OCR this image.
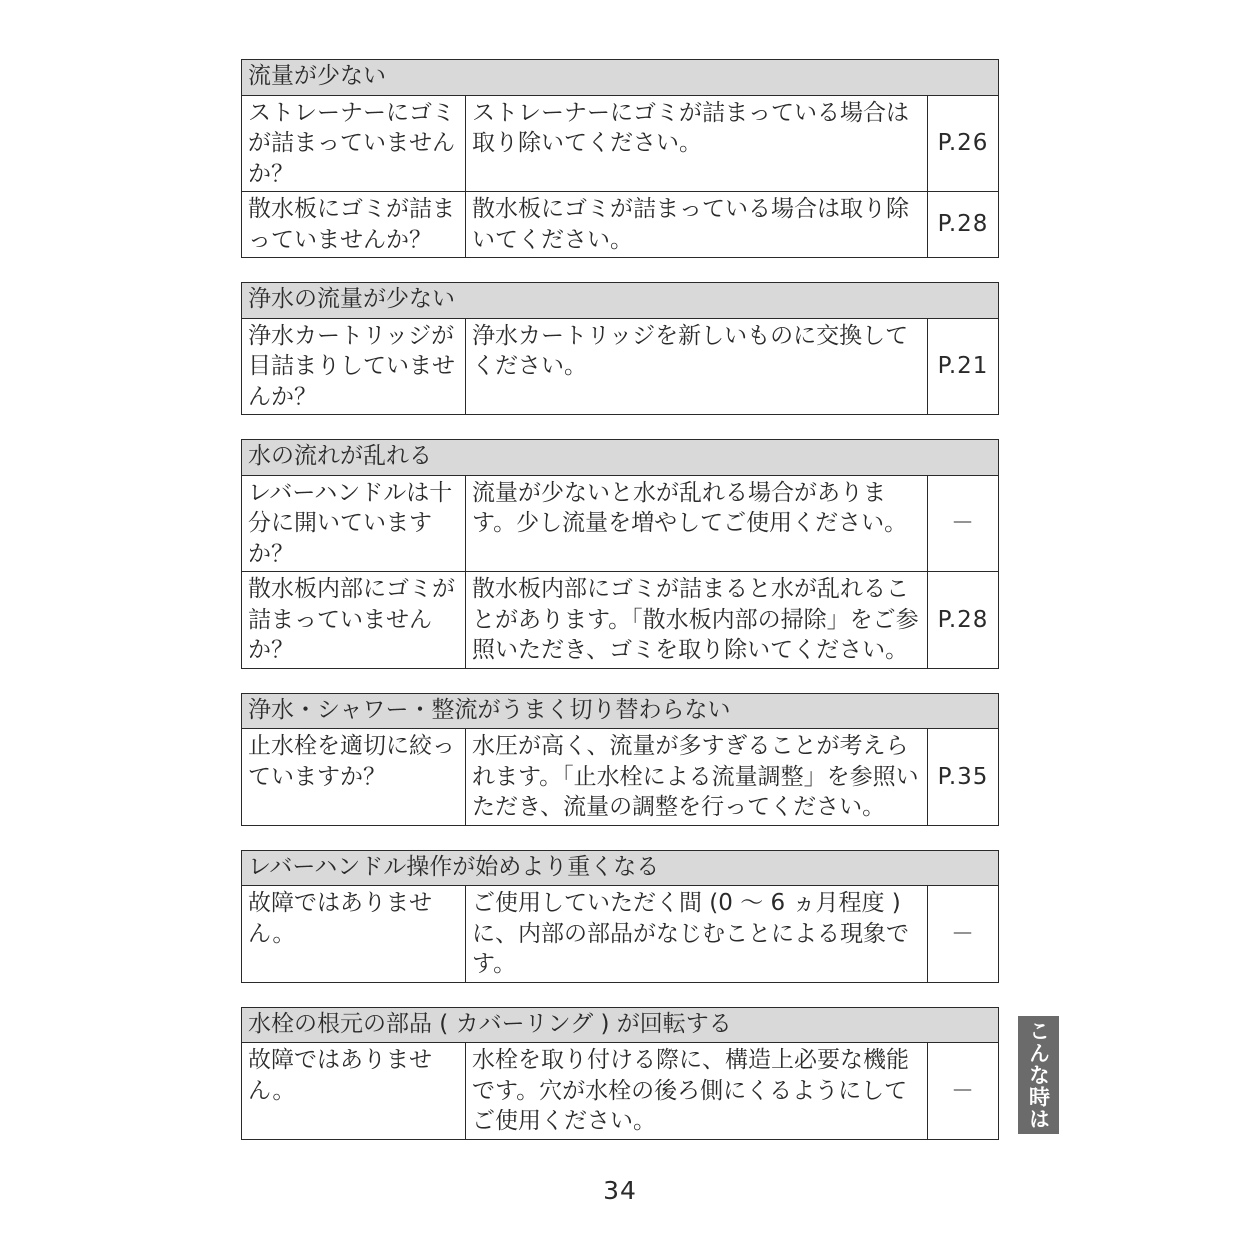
流量が少ない		
ストレーナーにゴミが詰まっていませんか？	ストレーナーにゴミが詰まっている場合は取り除いてください。	P.26
散水板にゴミが詰まっていませんか？	散水板にゴミが詰まっている場合は取り除いてください。	P.28
浄水の流量が少ない
浄水カートリッジが目詰まりしていませんか？	浄水カートリッジを新しいものに交換してください。	P.21
水の流れが乱れる		
レバーハンドルは十分に開いていますか？	流量が少ないと水が乱れる場合があります。少し流量を増やしてご使用ください。	－
散水板内部にゴミが詰まっていませんか？	散水板内部にゴミが詰まると水が乱れることがあります。「散水板内部の掃除」をご参照いただき、ゴミを取り除いてください。	P.28
浄水・シャワー・整流がうまく切り替わらない
止水栓を適切に絞っていますか？	水圧が高く、流量が多すぎることが考えられます。「止水栓による流量調整」を参照いただき、流量の調整を行ってください。	P.35
レバーハンドル操作が始めより重くなる
故障ではありません。	ご使用していただく間 (0 ～ 6 ヵ月程度 ) に、内部の部品がなじむことによる現象です。	－
水栓の根元の部品 ( カバーリング ) が回転する
故障ではありません。	水栓を取り付ける際に、構造上必要な機能です。穴が水栓の後ろ側にくるようにしてご使用ください。	－ こんな時は
34
